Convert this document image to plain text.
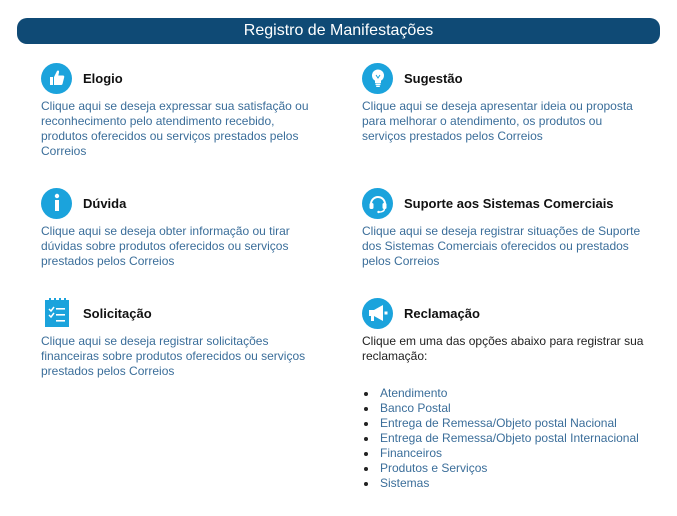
Registro de Manifestações
Elogio
Clique aqui se deseja expressar sua satisfação ou reconhecimento pelo atendimento recebido, produtos oferecidos ou serviços prestados pelos Correios
Sugestão
Clique aqui se deseja apresentar ideia ou proposta para melhorar o atendimento, os produtos ou serviços prestados pelos Correios
Dúvida
Clique aqui se deseja obter informação ou tirar dúvidas sobre produtos oferecidos ou serviços prestados pelos Correios
Suporte aos Sistemas Comerciais
Clique aqui se deseja registrar situações de Suporte dos Sistemas Comerciais oferecidos ou prestados pelos Correios
Solicitação
Clique aqui se deseja registrar solicitações financeiras sobre produtos oferecidos ou serviços prestados pelos Correios
Reclamação
Clique em uma das opções abaixo para registrar sua reclamação:
Atendimento
Banco Postal
Entrega de Remessa/Objeto postal Nacional
Entrega de Remessa/Objeto postal Internacional
Financeiros
Produtos e Serviços
Sistemas
